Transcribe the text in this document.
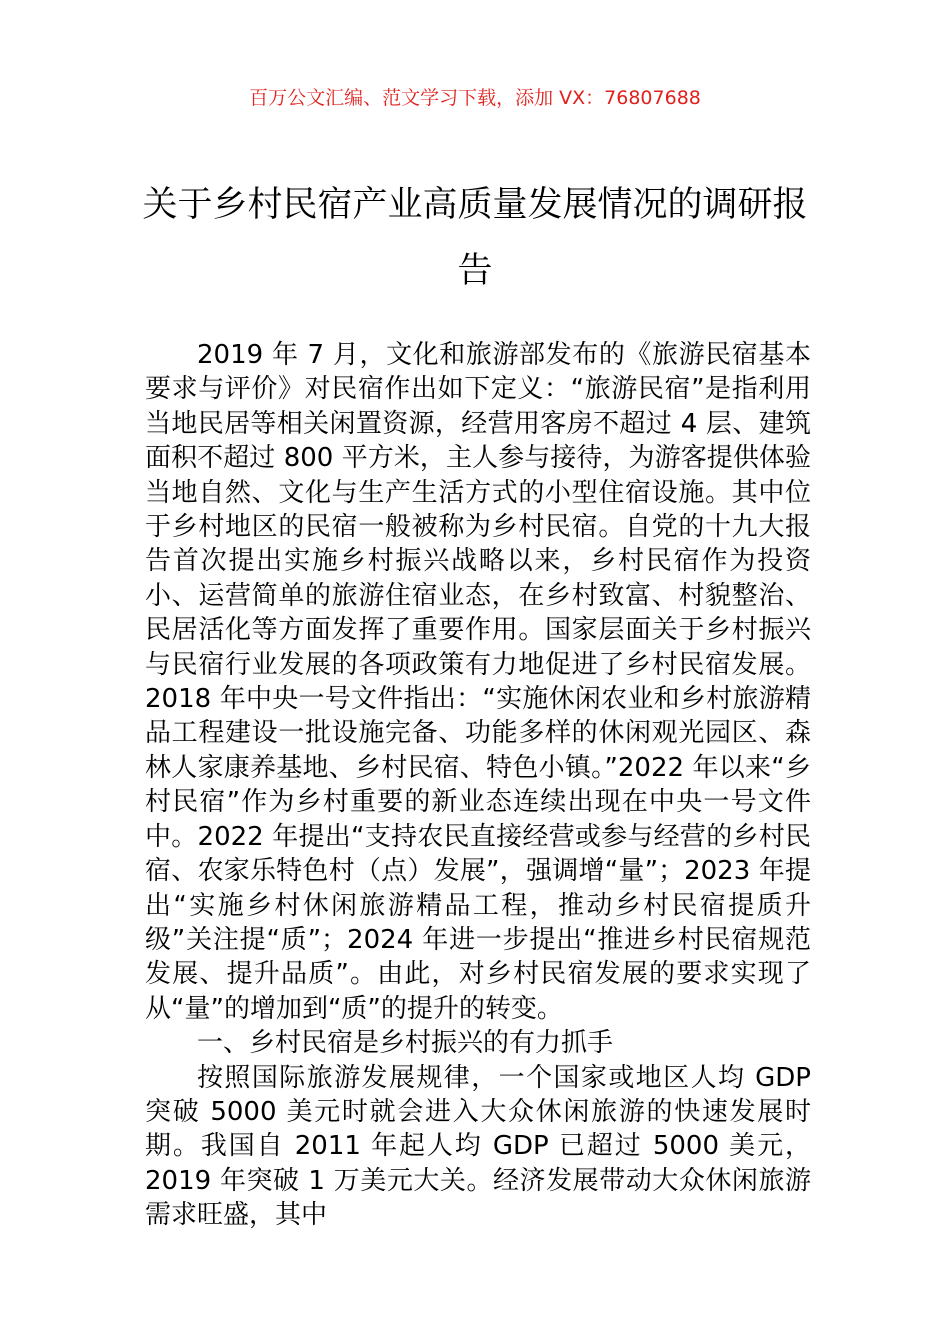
百万公文汇编、范文学习下载，添加 VX：76807688
关于乡村民宿产业高质量发展情况的调研报告

2019 年 7 月，文化和旅游部发布的《旅游民宿基本要求与评价》对民宿作出如下定义：“旅游民宿”是指利用当地民居等相关闲置资源，经营用客房不超过 4 层、建筑面积不超过 800 平方米，主人参与接待，为游客提供体验当地自然、文化与生产生活方式的小型住宿设施。其中位于乡村地区的民宿一般被称为乡村民宿。自党的十九大报告首次提出实施乡村振兴战略以来，乡村民宿作为投资小、运营简单的旅游住宿业态，在乡村致富、村貌整治、民居活化等方面发挥了重要作用。国家层面关于乡村振兴与民宿行业发展的各项政策有力地促进了乡村民宿发展。2018 年中央一号文件指出：“实施休闲农业和乡村旅游精品工程建设一批设施完备、功能多样的休闲观光园区、森林人家康养基地、乡村民宿、特色小镇。”2022 年以来“乡村民宿”作为乡村重要的新业态连续出现在中央一号文件中。2022 年提出“支持农民直接经营或参与经营的乡村民宿、农家乐特色村（点）发展”，强调增“量”；2023 年提出“实施乡村休闲旅游精品工程，推动乡村民宿提质升级”关注提“质”；2024 年进一步提出“推进乡村民宿规范发展、提升品质”。由此，对乡村民宿发展的要求实现了从“量”的增加到“质”的提升的转变。

一、乡村民宿是乡村振兴的有力抓手

按照国际旅游发展规律，一个国家或地区人均 GDP 突破 5000 美元时就会进入大众休闲旅游的快速发展时期。我国自 2011 年起人均 GDP 已超过 5000 美元，2019 年突破 1 万美元大关。经济发展带动大众休闲旅游需求旺盛，其中
